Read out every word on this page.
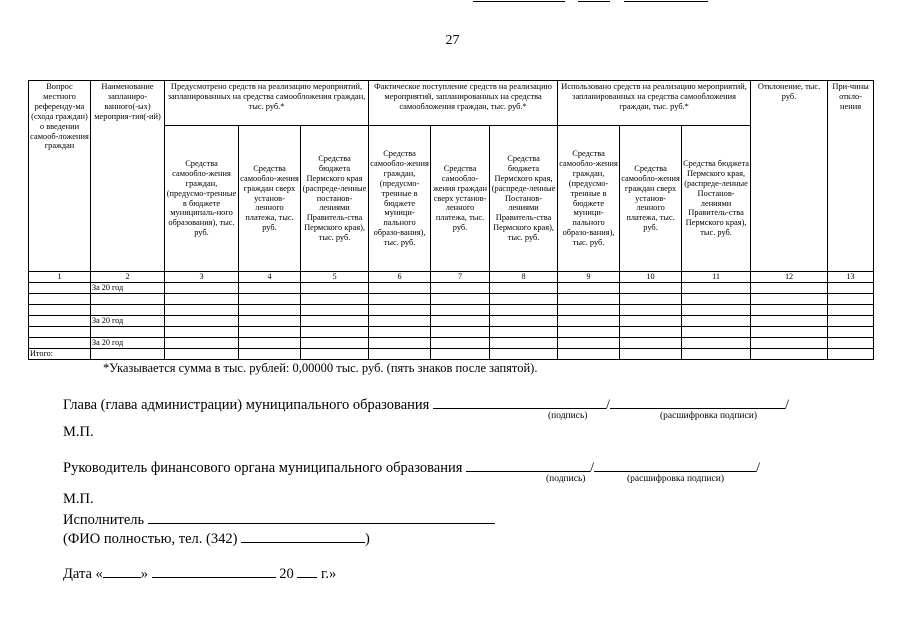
27
Вопрос местного референду-ма (схода граждан) о введении самооб-ложения граждан	Наименование запланиро-ванного(-ых) мероприя-тия(-ий)	Предусмотрено средств на реализацию мероприятий, запланированных на средства самообложения граждан, тыс. руб.*			Фактическое поступление средств на реализацию мероприятий, запланированных на средства самообложения граждан, тыс. руб.*			Использовано средств на реализацию мероприятий, запланированных на средства самообложения граждан, тыс. руб.*			Отклонение, тыс. руб.	При-чины откло-нения
		Средства самообло-жения граждан, (предусмо-тренные в бюджете муниципаль-ного образования), тыс. руб.	Средства самообло-жения граждан сверх установ-ленного платежа, тыс. руб.	Средства бюджета Пермского края (распреде-ленные постанов-лениями Правитель-ства Пермского края), тыс. руб.	Средства самообло-жения граждан, (предусмо-тренные в бюджете муници-пального образо-вания), тыс. руб.	Средства самообло-жения граждан сверх установ-ленного платежа, тыс. руб.	Средства бюджета Пермского края, (распреде-ленные Постанов-лениями Правитель-ства Пермского края), тыс. руб.	Средства самообло-жения граждан, (предусмо-тренные в бюджете муници-пального образо-вания), тыс. руб.	Средства самообло-жения граждан сверх установ-ленного платежа, тыс. руб.	Средства бюджета Пермского края, (распреде-ленные Постанов-лениями Правитель-ства Пермского края), тыс. руб.		
1	2	3	4	5	6	7	8	9	10	11	12	13
	За 20 год											

	За 20 год											

	За 20 год											
Итого:												
*Указывается сумма в тыс. рублей: 0,00000 тыс. руб. (пять знаков после запятой).
Глава (глава администрации) муниципального образования	/	/
(подпись)	(расшифровка подписи)
М.П.
Руководитель финансового органа муниципального образования	/	/
(подпись)	(расшифровка подписи)
М.П.
Исполнитель
(ФИО полностью, тел. (342)	)
Дата «	»	20 г.»
